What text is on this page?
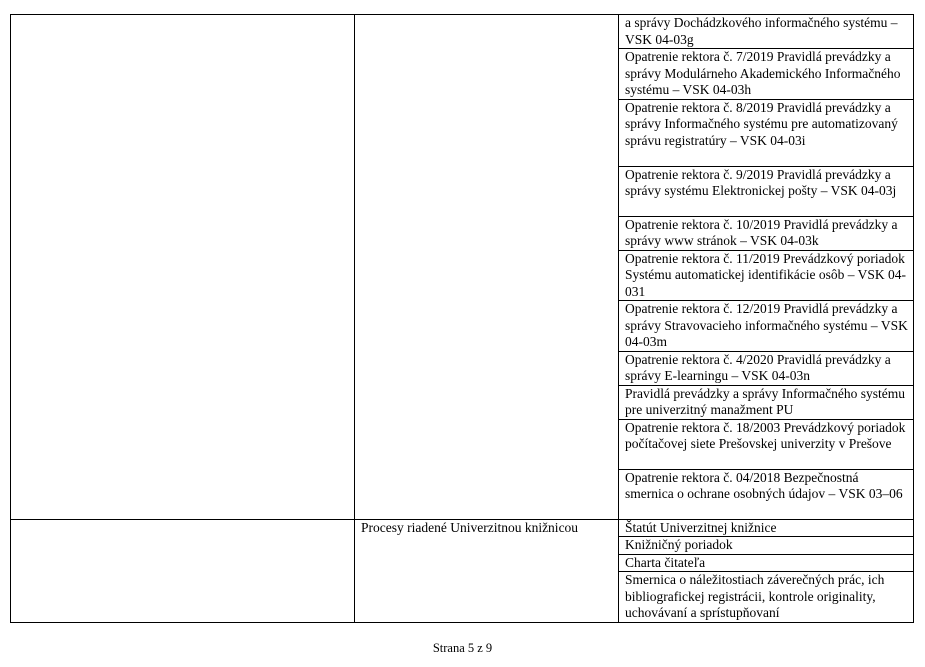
		a správy Dochádzkového informačného systému – VSK 04-03g
		Opatrenie rektora č. 7/2019 Pravidlá prevádzky a správy Modulárneho Akademického Informačného systému – VSK 04-03h
		Opatrenie rektora č. 8/2019 Pravidlá prevádzky a správy Informačného systému pre automatizovaný správu registratúry – VSK 04-03i
		Opatrenie rektora č. 9/2019 Pravidlá prevádzky a správy systému Elektronickej pošty – VSK 04-03j
		Opatrenie rektora č. 10/2019 Pravidlá prevádzky a správy www stránok – VSK 04-03k
		Opatrenie rektora č. 11/2019 Prevádzkový poriadok Systému automatickej identifikácie osôb – VSK 04-031
		Opatrenie rektora č. 12/2019 Pravidlá prevádzky a správy Stravovacieho informačného systému – VSK 04-03m
		Opatrenie rektora č. 4/2020 Pravidlá prevádzky a správy E-learningu – VSK 04-03n
		Pravidlá prevádzky a správy Informačného systému pre univerzitný manažment PU
		Opatrenie rektora č. 18/2003 Prevádzkový poriadok počítačovej siete Prešovskej univerzity v Prešove
		Opatrenie rektora č. 04/2018 Bezpečnostná smernica o ochrane osobných údajov – VSK 03–06
	Procesy riadené Univerzitnou knižnicou	Štatút Univerzitnej knižnice
		Knižničný poriadok
		Charta čitateľa
		Smernica o náležitostiach záverečných prác, ich bibliografickej registrácii, kontrole originality, uchovávaní a sprístupňovaní
Strana 5 z 9
